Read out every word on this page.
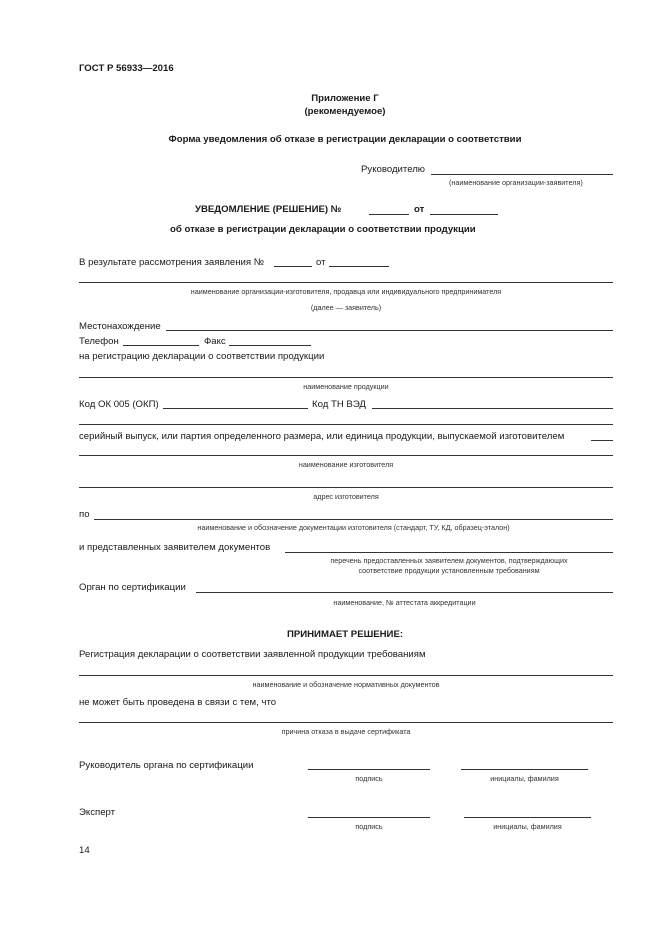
ГОСТ Р 56933—2016
Приложение Г
(рекомендуемое)
Форма уведомления об отказе в регистрации декларации о соответствии
Руководителю
(наименование организации-заявителя)
УВЕДОМЛЕНИЕ (РЕШЕНИЕ) №	от
об отказе в регистрации декларации о соответствии продукции
В результате рассмотрения заявления №	от
наименование организации-изготовителя, продавца или индивидуального предпринимателя
(далее — заявитель)
Местонахождение
Телефон	Факс
на регистрацию декларации о соответствии продукции
наименование продукции
Код ОК 005 (ОКП)	Код ТН ВЭД
серийный выпуск, или партия определенного размера, или единица продукции, выпускаемой изготовителем
наименование изготовителя
адрес изготовителя
по
наименование и обозначение документации изготовителя (стандарт, ТУ, КД, образец-эталон)
и представленных заявителем документов
перечень предоставленных заявителем документов, подтверждающих
соответствие продукции установленным требованиям
Орган по сертификации
наименование, № аттестата аккредитации
ПРИНИМАЕТ РЕШЕНИЕ:
Регистрация декларации о соответствии заявленной продукции требованиям
наименование и обозначение нормативных документов
не может быть проведена в связи с тем, что
причина отказа в выдаче сертификата
Руководитель органа по сертификации
подпись	инициалы, фамилия
Эксперт
подпись	инициалы, фамилия
14
